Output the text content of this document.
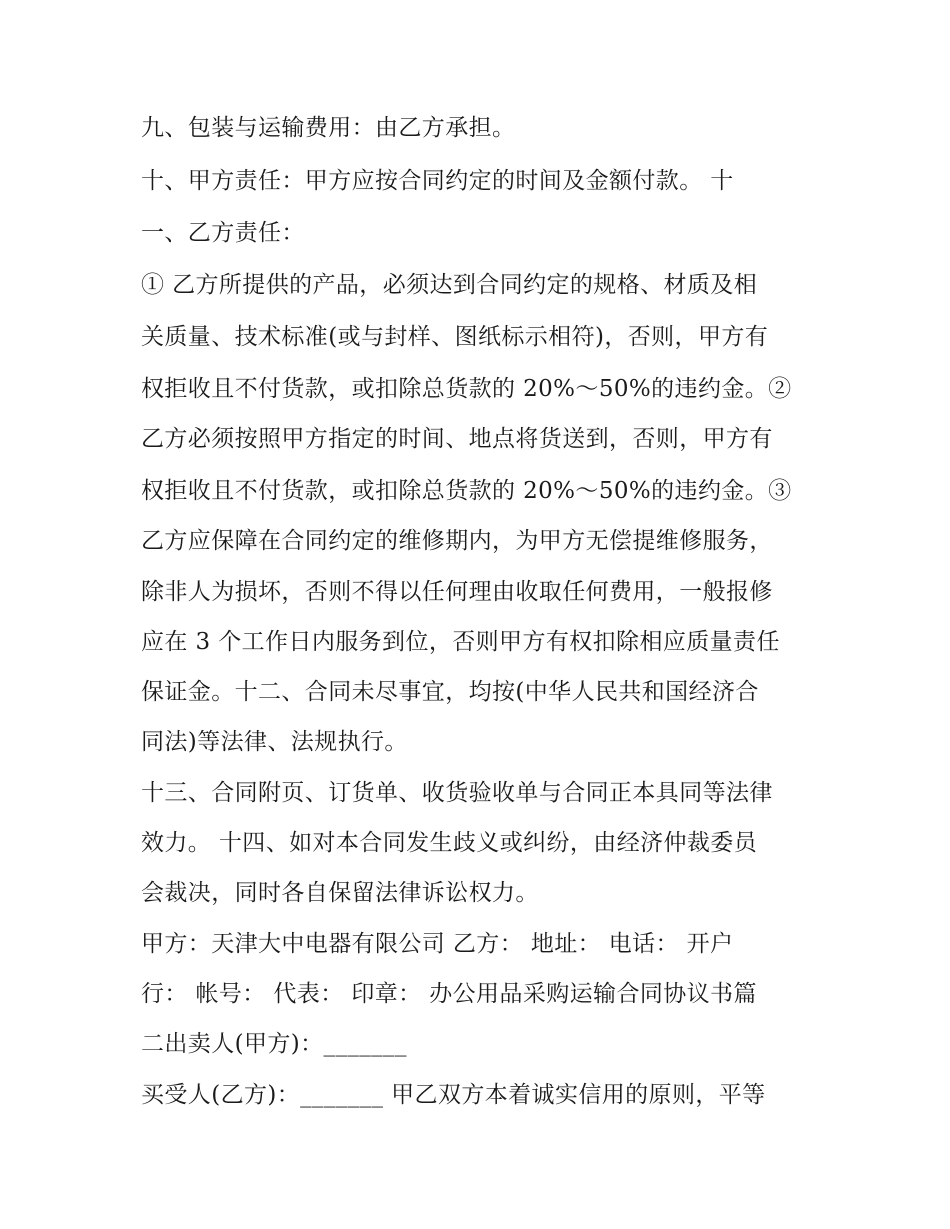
九、包装与运输费用：由乙方承担。
十、甲方责任：甲方应按合同约定的时间及金额付款。 十
一、乙方责任：
① 乙方所提供的产品，必须达到合同约定的规格、材质及相
关质量、技术标准(或与封样、图纸标示相符)，否则，甲方有
权拒收且不付货款，或扣除总货款的 20%～50%的违约金。②
乙方必须按照甲方指定的时间、地点将货送到，否则，甲方有
权拒收且不付货款，或扣除总货款的 20%～50%的违约金。③
乙方应保障在合同约定的维修期内，为甲方无偿提维修服务，
除非人为损坏，否则不得以任何理由收取任何费用，一般报修
应在 3 个工作日内服务到位，否则甲方有权扣除相应质量责任
保证金。十二、合同未尽事宜，均按(中华人民共和国经济合
同法)等法律、法规执行。
十三、合同附页、订货单、收货验收单与合同正本具同等法律
效力。 十四、如对本合同发生歧义或纠纷，由经济仲裁委员
会裁决，同时各自保留法律诉讼权力。
甲方：天津大中电器有限公司 乙方： 地址： 电话： 开户
行： 帐号： 代表： 印章： 办公用品采购运输合同协议书篇
二出卖人(甲方)：_______
买受人(乙方)：_______ 甲乙双方本着诚实信用的原则，平等
